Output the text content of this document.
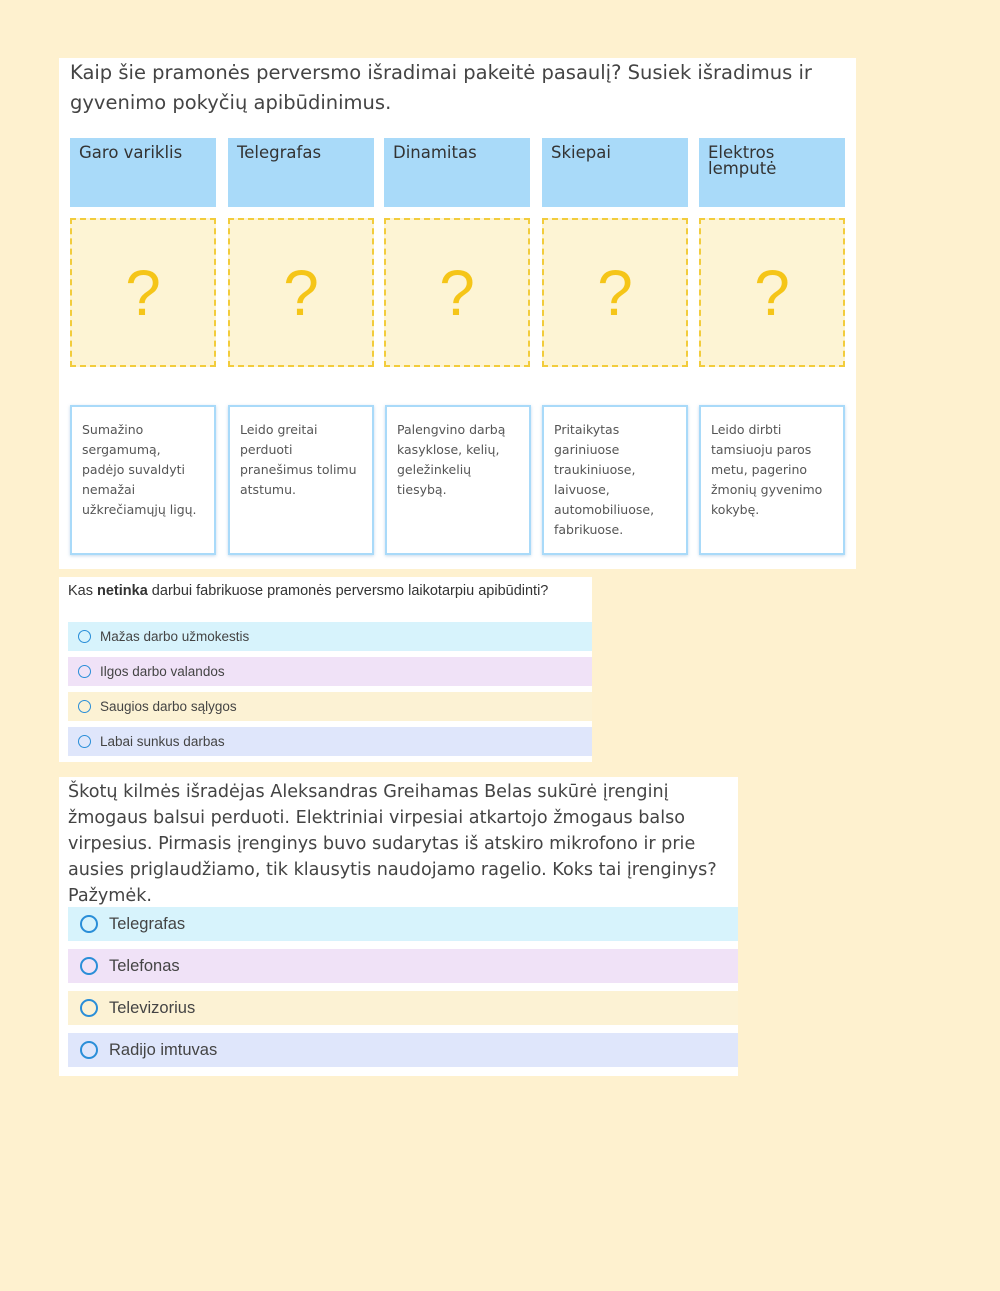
Kaip šie pramonės perversmo išradimai pakeitė pasaulį? Susiek išradimus ir gyvenimo pokyčių apibūdinimus.
Garo variklis	Telegrafas	Dinamitas	Skiepai	Elektros lemputė
? ? ? ? ?
Sumažino sergamumą, padėjo suvaldyti nemažai užkrečiamųjų ligų.
Leido greitai perduoti pranešimus tolimu atstumu.
Palengvino darbą kasyklose, kelių, geležinkelių tiesybą.
Pritaikytas gariniuose traukiniuose, laivuose, automobiliuose, fabrikuose.
Leido dirbti tamsiuoju paros metu, pagerino žmonių gyvenimo kokybę.
Kas netinka darbui fabrikuose pramonės perversmo laikotarpiu apibūdinti?
Mažas darbo užmokestis
Ilgos darbo valandos
Saugios darbo sąlygos
Labai sunkus darbas
Škotų kilmės išradėjas Aleksandras Greihamas Belas sukūrė įrenginį žmogaus balsui perduoti. Elektriniai virpesiai atkartojo žmogaus balso virpesius. Pirmasis įrenginys buvo sudarytas iš atskiro mikrofono ir prie ausies priglaudžiamo, tik klausytis naudojamo ragelio. Koks tai įrenginys? Pažymėk.
Telegrafas
Telefonas
Televizorius
Radijo imtuvas
